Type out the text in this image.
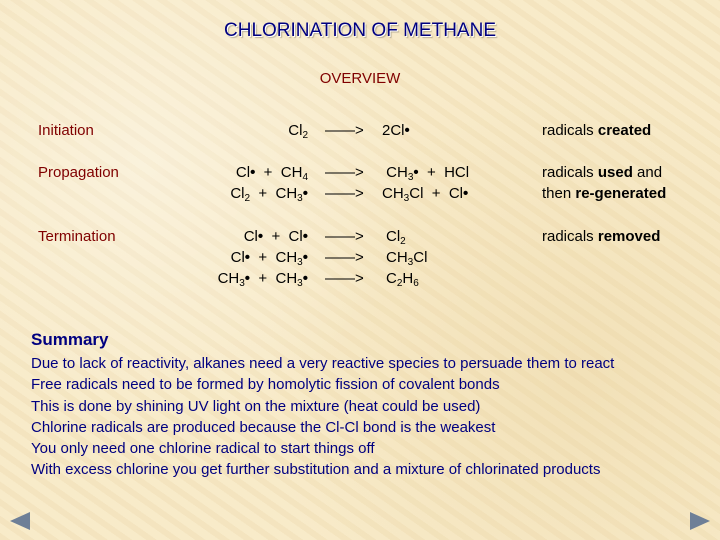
CHLORINATION OF METHANE
OVERVIEW
Initiation
Propagation
Termination
$Cl_2$ ——>	2Cl•
Cl•  +  $CH_4$
$Cl_2$  +  $CH_3•$
——>
——>
$CH_3•$  +  HCl
$CH_3Cl$  +  Cl•
Cl•  +  Cl•
Cl•  +  $CH_3•$
$CH_3•$  +  $CH_3•$
——>
——>
——>
$Cl_2$
$CH_3Cl$
$C_2H_6$
radicals created
radicals used and
then re-generated
radicals removed
Summary
Due to lack of reactivity, alkanes need a very reactive species to persuade them to react
Free radicals need to be formed by homolytic fission of covalent bonds
This is done by shining UV light on the mixture (heat could be used)
Chlorine radicals are produced because the Cl-Cl bond is the weakest
You only need one chlorine radical to start things off
With excess chlorine you get further substitution and a mixture of chlorinated products
